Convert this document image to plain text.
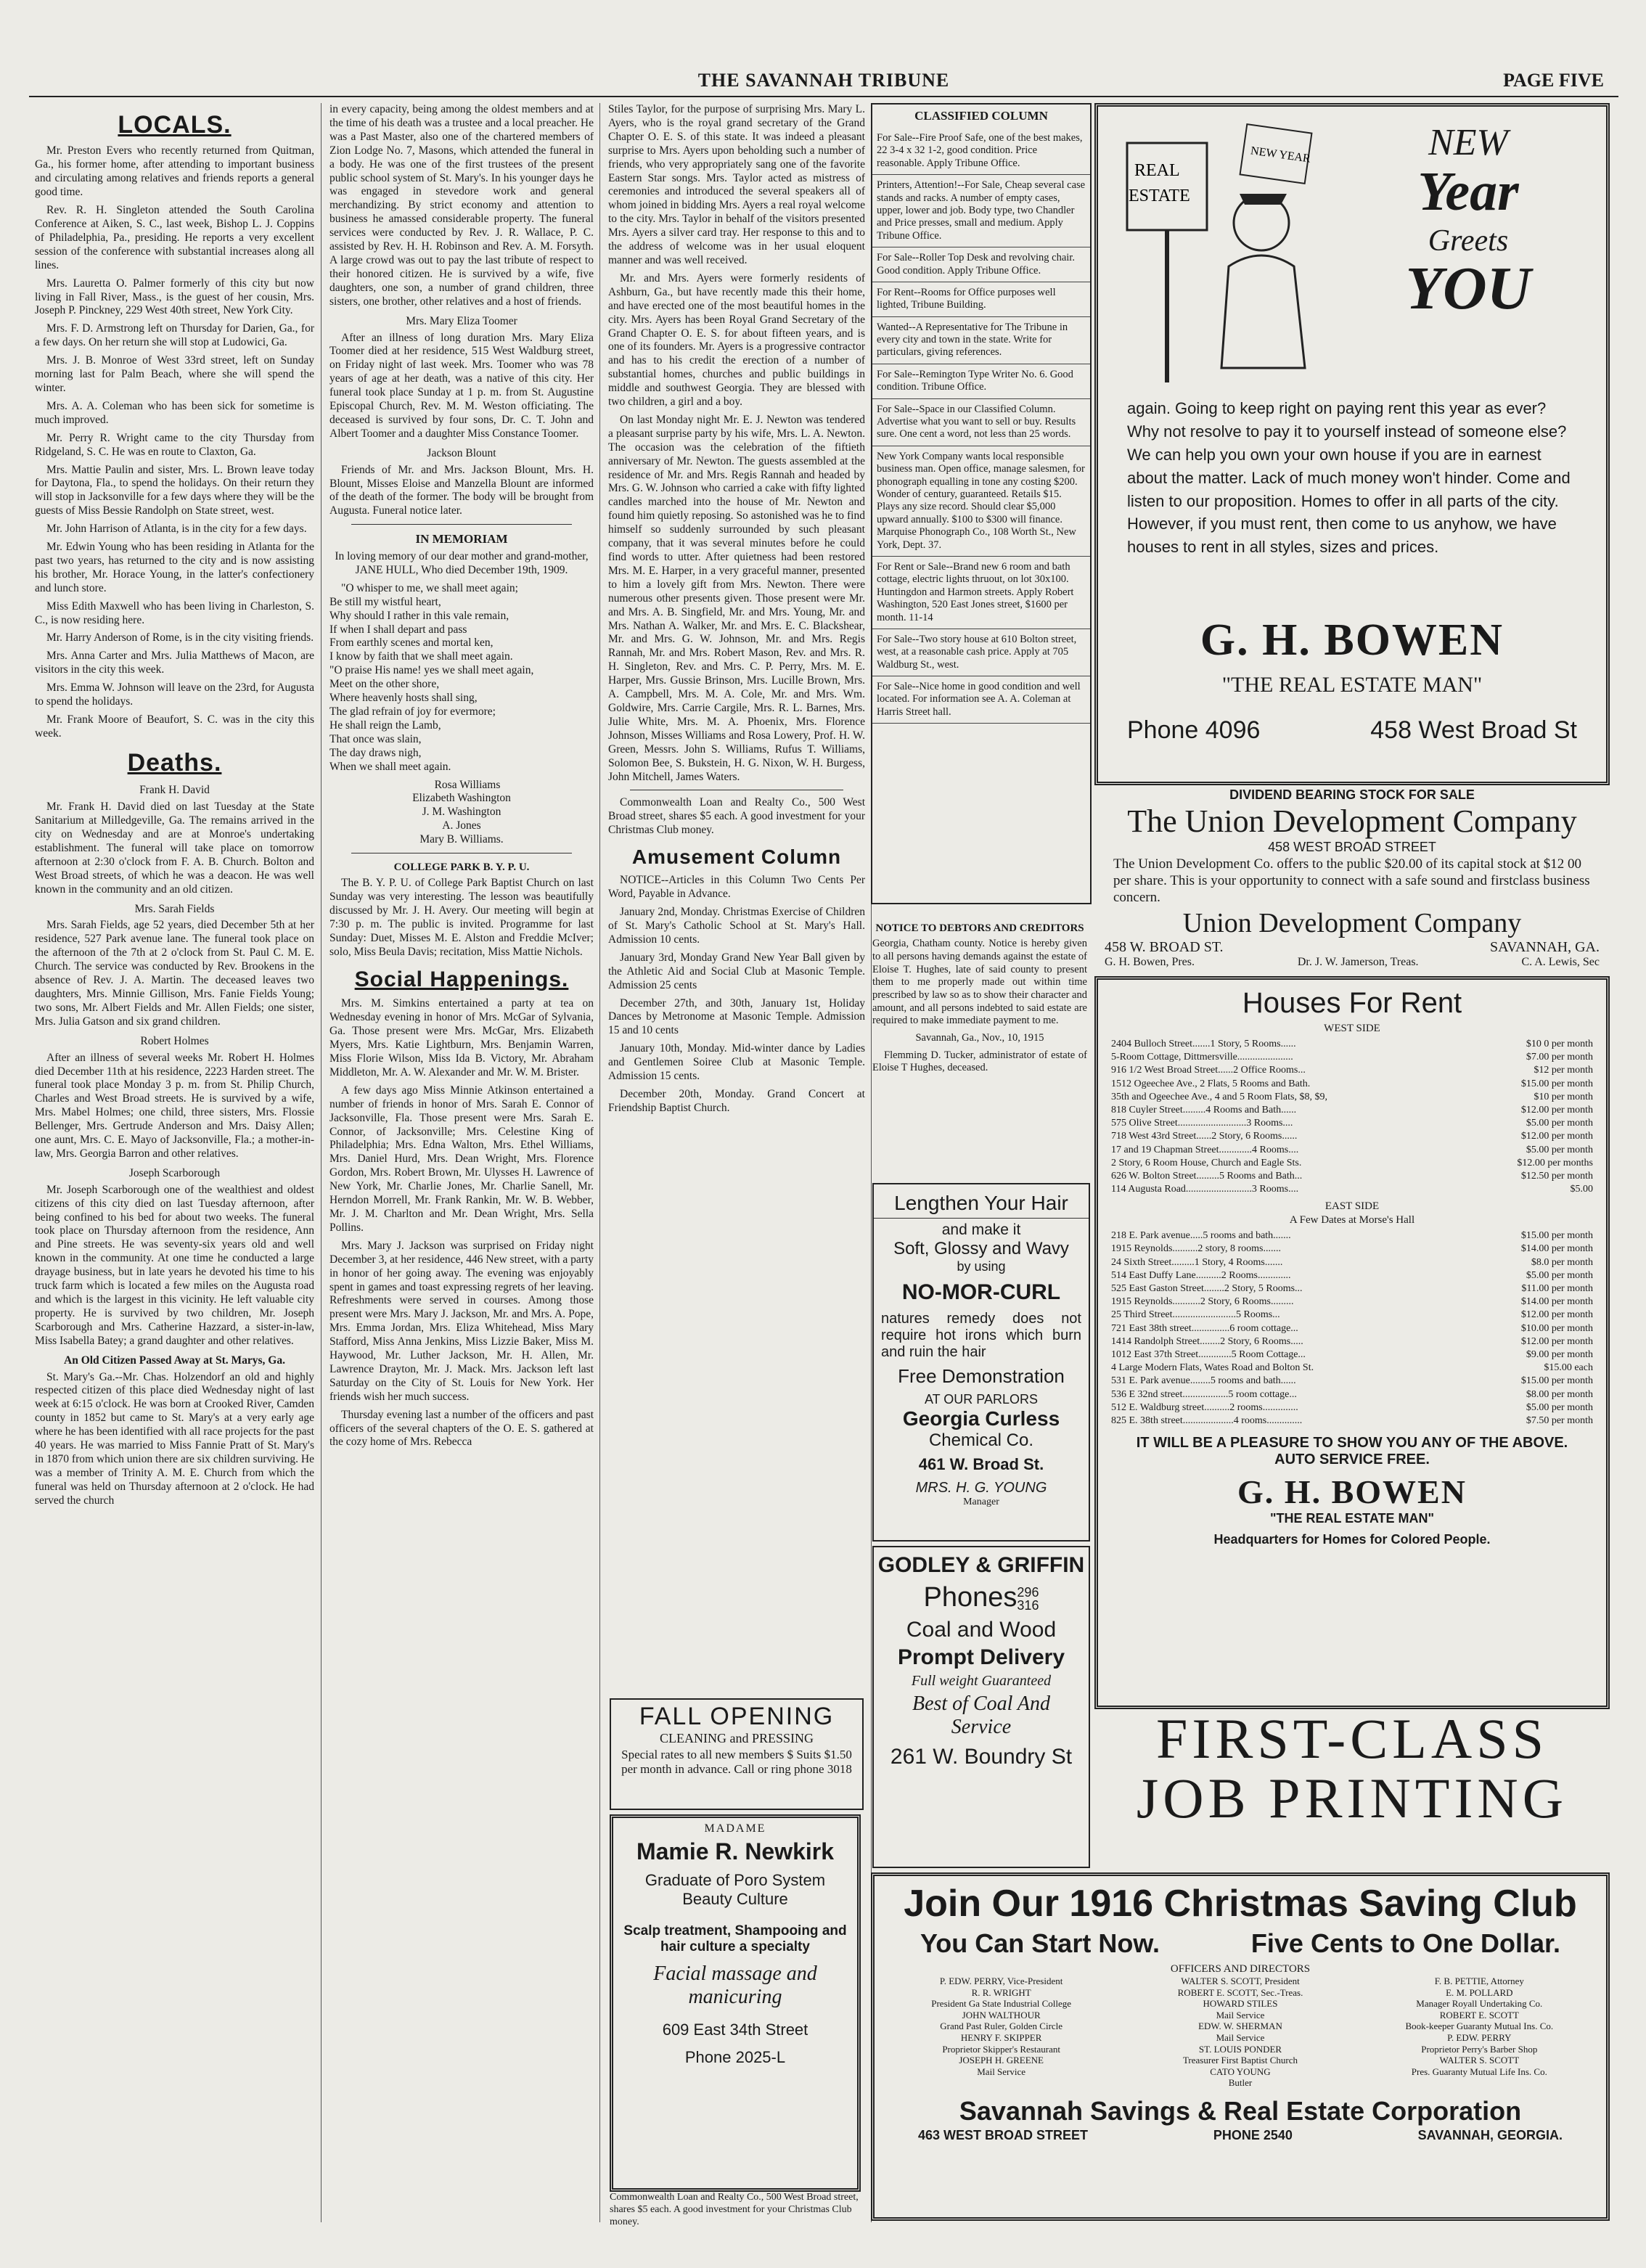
THE SAVANNAH TRIBUNE	PAGE FIVE
LOCALS.

Mr. Preston Evers who recently returned from Quitman, Ga., his former home, after attending to important business and circulating among relatives and friends reports a general good time.

Rev. R. H. Singleton attended the South Carolina Conference at Aiken, S. C., last week, Bishop L. J. Coppins of Philadelphia, Pa., presiding. He reports a very excellent session of the conference with substantial increases along all lines.

Mrs. Lauretta O. Palmer formerly of this city but now living in Fall River, Mass., is the guest of her cousin, Mrs. Joseph P. Pinckney, 229 West 40th street, New York City.

Mrs. F. D. Armstrong left on Thursday for Darien, Ga., for a few days. On her return she will stop at Ludowici, Ga.

Mrs. J. B. Monroe of West 33rd street, left on Sunday morning last for Palm Beach, where she will spend the winter.

Mrs. A. A. Coleman who has been sick for sometime is much improved.

Mr. Perry R. Wright came to the city Thursday from Ridgeland, S. C. He was en route to Claxton, Ga.

Mrs. Mattie Paulin and sister, Mrs. L. Brown leave today for Daytona, Fla., to spend the holidays. On their return they will stop in Jacksonville for a few days where they will be the guests of Miss Bessie Randolph on State street, west.

Mr. John Harrison of Atlanta, is in the city for a few days.

Mr. Edwin Young who has been residing in Atlanta for the past two years, has returned to the city and is now assisting his brother, Mr. Horace Young, in the latter's confectionery and lunch store.

Miss Edith Maxwell who has been living in Charleston, S. C., is now residing here.

Mr. Harry Anderson of Rome, is in the city visiting friends.

Mrs. Anna Carter and Mrs. Julia Matthews of Macon, are visitors in the city this week.

Mrs. Emma W. Johnson will leave on the 23rd, for Augusta to spend the holidays.

Mr. Frank Moore of Beaufort, S. C. was in the city this week.

Deaths.
Frank H. David

Mr. Frank H. David died on last Tuesday at the State Sanitarium at Milledgeville, Ga. The remains arrived in the city on Wednesday and are at Monroe's undertaking establishment. The funeral will take place on tomorrow afternoon at 2:30 o'clock from F. A. B. Church. Bolton and West Broad streets, of which he was a deacon. He was well known in the community and an old citizen.

Mrs. Sarah Fields

Mrs. Sarah Fields, age 52 years, died December 5th at her residence, 527 Park avenue lane. The funeral took place on the afternoon of the 7th at 2 o'clock from St. Paul C. M. E. Church. The service was conducted by Rev. Brookens in the absence of Rev. J. A. Martin. The deceased leaves two daughters, Mrs. Minnie Gillison, Mrs. Fanie Fields Young; two sons, Mr. Albert Fields and Mr. Allen Fields; one sister, Mrs. Julia Gatson and six grand children.

Robert Holmes

After an illness of several weeks Mr. Robert H. Holmes died December 11th at his residence, 2223 Harden street. The funeral took place Monday 3 p. m. from St. Philip Church, Charles and West Broad streets. He is survived by a wife, Mrs. Mabel Holmes; one child, three sisters, Mrs. Flossie Bellenger, Mrs. Gertrude Anderson and Mrs. Daisy Allen; one aunt, Mrs. C. E. Mayo of Jacksonville, Fla.; a mother-in-law, Mrs. Georgia Barron and other relatives.

Joseph Scarborough

Mr. Joseph Scarborough one of the wealthiest and oldest citizens of this city died on last Tuesday afternoon, after being confined to his bed for about two weeks. The funeral took place on Thursday afternoon from the residence, Ann and Pine streets. He was seventy-six years old and well known in the community. At one time he conducted a large drayage business, but in late years he devoted his time to his truck farm which is located a few miles on the Augusta road and which is the largest in this vicinity. He left valuable city property. He is survived by two children, Mr. Joseph Scarborough and Mrs. Catherine Hazzard, a sister-in-law, Miss Isabella Batey; a grand daughter and other relatives.

An Old Citizen Passed Away at St. Marys, Ga.

St. Mary's Ga.--Mr. Chas. Holzendorf an old and highly respected citizen of this place died Wednesday night of last week at 6:15 o'clock. He was born at Crooked River, Camden county in 1852 but came to St. Mary's at a very early age where he has been identified with all race projects for the past 40 years. He was married to Miss Fannie Pratt of St. Mary's in 1870 from which union there are six children surviving. He was a member of Trinity A. M. E. Church from which the funeral was held on Thursday afternoon at 2 o'clock. He had served the church

in every capacity, being among the oldest members and at the time of his death was a trustee and a local preacher. He was a Past Master, also one of the chartered members of Zion Lodge No. 7, Masons, which attended the funeral in a body. He was one of the first trustees of the present public school system of St. Mary's. In his younger days he was engaged in stevedore work and general merchandizing. By strict economy and attention to business he amassed considerable property. The funeral services were conducted by Rev. J. R. Wallace, P. C. assisted by Rev. H. H. Robinson and Rev. A. M. Forsyth. A large crowd was out to pay the last tribute of respect to their honored citizen. He is survived by a wife, five daughters, one son, a number of grand children, three sisters, one brother, other relatives and a host of friends.

Mrs. Mary Eliza Toomer

After an illness of long duration Mrs. Mary Eliza Toomer died at her residence, 515 West Waldburg street, on Friday night of last week. Mrs. Toomer who was 78 years of age at her death, was a native of this city. Her funeral took place Sunday at 1 p. m. from St. Augustine Episcopal Church, Rev. M. M. Weston officiating. The deceased is survived by four sons, Dr. C. T. John and Albert Toomer and a daughter Miss Constance Toomer.

Jackson Blount

Friends of Mr. and Mrs. Jackson Blount, Mrs. H. Blount, Misses Eloise and Manzella Blount are informed of the death of the former. The body will be brought from Augusta. Funeral notice later.

IN MEMORIAM

In loving memory of our dear mother and grand-mother, JANE HULL, Who died December 19th, 1909.

"O whisper to me, we shall meet again;
Be still my wistful heart,
Why should I rather in this vale remain,
If when I shall depart and pass
From earthly scenes and mortal ken,
I know by faith that we shall meet again.
"O praise His name! yes we shall meet again,
Meet on the other shore,
Where heavenly hosts shall sing,
The glad refrain of joy for evermore;
He shall reign the Lamb,
That once was slain,
The day draws nigh,
When we shall meet again.

Rosa Williams
Elizabeth Washington
J. M. Washington
A. Jones
Mary B. Williams.

COLLEGE PARK B. Y. P. U.

The B. Y. P. U. of College Park Baptist Church on last Sunday was very interesting. The lesson was beautifully discussed by Mr. J. H. Avery. Our meeting will begin at 7:30 p. m. The public is invited. Programme for last Sunday: Duet, Misses M. E. Alston and Freddie McIver; solo, Miss Beula Davis; recitation, Miss Mattie Nichols.

Social Happenings.

Mrs. M. Simkins entertained a party at tea on Wednesday evening in honor of Mrs. McGar of Sylvania, Ga. Those present were Mrs. McGar, Mrs. Elizabeth Myers, Mrs. Katie Lightburn, Mrs. Benjamin Warren, Miss Florie Wilson, Miss Ida B. Victory, Mr. Abraham Middleton, Mr. A. W. Alexander and Mr. W. M. Brister.

A few days ago Miss Minnie Atkinson entertained a number of friends in honor of Mrs. Sarah E. Connor of Jacksonville, Fla. Those present were Mrs. Sarah E. Connor, of Jacksonville; Mrs. Celestine King of Philadelphia; Mrs. Edna Walton, Mrs. Ethel Williams, Mrs. Daniel Hurd, Mrs. Dean Wright, Mrs. Florence Gordon, Mrs. Robert Brown, Mr. Ulysses H. Lawrence of New York, Mr. Charlie Jones, Mr. Charlie Sanell, Mr. Herndon Morrell, Mr. Frank Rankin, Mr. W. B. Webber, Mr. J. M. Charlton and Mr. Dean Wright, Mrs. Sella Pollins.

Mrs. Mary J. Jackson was surprised on Friday night December 3, at her residence, 446 New street, with a party in honor of her going away. The evening was enjoyably spent in games and toast expressing regrets of her leaving. Refreshments were served in courses. Among those present were Mrs. Mary J. Jackson, Mr. and Mrs. A. Pope, Mrs. Emma Jordan, Mrs. Eliza Whitehead, Miss Mary Stafford, Miss Anna Jenkins, Miss Lizzie Baker, Miss M. Haywood, Mr. Luther Jackson, Mr. H. Allen, Mr. Lawrence Drayton, Mr. J. Mack. Mrs. Jackson left last Saturday on the City of St. Louis for New York. Her friends wish her much success.

Thursday evening last a number of the officers and past officers of the several chapters of the O. E. S. gathered at the cozy home of Mrs. Rebecca

Stiles Taylor, for the purpose of surprising Mrs. Mary L. Ayers, who is the royal grand secretary of the Grand Chapter O. E. S. of this state. It was indeed a pleasant surprise to Mrs. Ayers upon beholding such a number of friends, who very appropriately sang one of the favorite Eastern Star songs. Mrs. Taylor acted as mistress of ceremonies and introduced the several speakers all of whom joined in bidding Mrs. Ayers a real royal welcome to the city. Mrs. Taylor in behalf of the visitors presented Mrs. Ayers a silver card tray. Her response to this and to the address of welcome was in her usual eloquent manner and was well received.

Mr. and Mrs. Ayers were formerly residents of Ashburn, Ga., but have recently made this their home, and have erected one of the most beautiful homes in the city. Mrs. Ayers has been Royal Grand Secretary of the Grand Chapter O. E. S. for about fifteen years, and is one of its founders. Mr. Ayers is a progressive contractor and has to his credit the erection of a number of substantial homes, churches and public buildings in middle and southwest Georgia. They are blessed with two children, a girl and a boy.

On last Monday night Mr. E. J. Newton was tendered a pleasant surprise party by his wife, Mrs. L. A. Newton. The occasion was the celebration of the fiftieth anniversary of Mr. Newton. The guests assembled at the residence of Mr. and Mrs. Regis Rannah and headed by Mrs. G. W. Johnson who carried a cake with fifty lighted candles marched into the house of Mr. Newton and found him quietly reposing. So astonished was he to find himself so suddenly surrounded by such pleasant company, that it was several minutes before he could find words to utter. After quietness had been restored Mrs. M. E. Harper, in a very graceful manner, presented to him a lovely gift from Mrs. Newton. There were numerous other presents given. Those present were Mr. and Mrs. A. B. Singfield, Mr. and Mrs. Young, Mr. and Mrs. Nathan A. Walker, Mr. and Mrs. E. C. Blackshear, Mr. and Mrs. G. W. Johnson, Mr. and Mrs. Regis Rannah, Mr. and Mrs. Robert Mason, Rev. and Mrs. R. H. Singleton, Rev. and Mrs. C. P. Perry, Mrs. M. E. Harper, Mrs. Gussie Brinson, Mrs. Lucille Brown, Mrs. A. Campbell, Mrs. M. A. Cole, Mr. and Mrs. Wm. Goldwire, Mrs. Carrie Cargile, Mrs. R. L. Barnes, Mrs. Julie White, Mrs. M. A. Phoenix, Mrs. Florence Johnson, Misses Williams and Rosa Lowery, Prof. H. W. Green, Messrs. John S. Williams, Rufus T. Williams, Solomon Bee, S. Bukstein, H. G. Nixon, W. H. Burgess, John Mitchell, James Waters.

Commonwealth Loan and Realty Co., 500 West Broad street, shares $5 each. A good investment for your Christmas Club money.

Amusement Column

NOTICE--Articles in this Column Two Cents Per Word, Payable in Advance.

January 2nd, Monday. Christmas Exercise of Children of St. Mary's Catholic School at St. Mary's Hall. Admission 10 cents.

January 3rd, Monday Grand New Year Ball given by the Athletic Aid and Social Club at Masonic Temple. Admission 25 cents

December 27th, and 30th, January 1st, Holiday Dances by Metronome at Masonic Temple. Admission 15 and 10 cents

January 10th, Monday. Mid-winter dance by Ladies and Gentlemen Soiree Club at Masonic Temple. Admission 15 cents.

December 20th, Monday. Grand Concert at Friendship Baptist Church.

FALL OPENING
CLEANING and PRESSING
Special rates to all new members $ Suits $1.50 per month in advance. Call or ring phone 3018
MADAME
Mamie R. Newkirk
Graduate of Poro System Beauty Culture
Scalp treatment, Shampooing and hair culture a specialty
Facial massage and manicuring
609 East 34th Street
Phone 2025-L
Commonwealth Loan and Realty Co., 500 West Broad street, shares $5 each. A good investment for your Christmas Club money.
CLASSIFIED COLUMN

For Sale--Fire Proof Safe, one of the best makes, 22 3-4 x 32 1-2, good condition. Price reasonable. Apply Tribune Office.

Printers, Attention!--For Sale, Cheap several case stands and racks. A number of empty cases, upper, lower and job. Body type, two Chandler and Price presses, small and medium. Apply Tribune Office.

For Sale--Roller Top Desk and revolving chair. Good condition. Apply Tribune Office.

For Rent--Rooms for Office purposes well lighted, Tribune Building.

Wanted--A Representative for The Tribune in every city and town in the state. Write for particulars, giving references.

For Sale--Remington Type Writer No. 6. Good condition. Tribune Office.

For Sale--Space in our Classified Column. Advertise what you want to sell or buy. Results sure. One cent a word, not less than 25 words.

New York Company wants local responsible business man. Open office, manage salesmen, for phonograph equalling in tone any costing $200. Wonder of century, guaranteed. Retails $15. Plays any size record. Should clear $5,000 upward annually. $100 to $300 will finance. Marquise Phonograph Co., 108 Worth St., New York, Dept. 37.

For Rent or Sale--Brand new 6 room and bath cottage, electric lights thruout, on lot 30x100. Huntingdon and Harmon streets. Apply Robert Washington, 520 East Jones street, $1600 per month. 11-14

For Sale--Two story house at 610 Bolton street, west, at a reasonable cash price. Apply at 705 Waldburg St., west.

For Sale--Nice home in good condition and well located. For information see A. A. Coleman at Harris Street hall.

NOTICE TO DEBTORS AND CREDITORS

Georgia, Chatham county. Notice is hereby given to all persons having demands against the estate of Eloise T. Hughes, late of said county to present them to me properly made out within time prescribed by law so as to show their character and amount, and all persons indebted to said estate are required to make immediate payment to me.

Savannah, Ga., Nov., 10, 1915

Flemming D. Tucker, administrator of estate of Eloise T Hughes, deceased.

Lengthen Your Hair
and make it
Soft, Glossy and Wavy
by using
NO-MOR-CURL
natures remedy does not require hot irons which burn and ruin the hair
Free Demonstration
AT OUR PARLORS
Georgia Curless
Chemical Co.
461 W. Broad St.
MRS. H. G. YOUNG
Manager
GODLEY & GRIFFIN
Phones 296
316
Coal and Wood
Prompt Delivery
Full weight Guaranteed
Best of Coal And
Service
261 W. Boundry St
REAL
ESTATE
NEW YEAR	NEW
Year
Greets
YOU
again. Going to keep right on paying rent this year as ever? Why not resolve to pay it to yourself instead of someone else? We can help you own your own house if you are in earnest about the matter. Lack of much money won't hinder. Come and listen to our proposition. Homes to offer in all parts of the city. However, if you must rent, then come to us anyhow, we have houses to rent in all styles, sizes and prices.
G. H. BOWEN
"THE REAL ESTATE MAN"
Phone 4096	458 West Broad St
DIVIDEND BEARING STOCK FOR SALE
The Union Development Company
458 WEST BROAD STREET
The Union Development Co. offers to the public $20.00 of its capital stock at $12 00 per share. This is your opportunity to connect with a safe sound and firstclass business concern.
Union Development Company
458 W. BROAD ST.	SAVANNAH, GA.
G. H. Bowen, Pres.	Dr. J. W. Jamerson, Treas.	C. A. Lewis, Sec
Houses For Rent
WEST SIDE
2404 Bulloch Street.......1 Story, 5 Rooms......	$10 0 per month
5-Room Cottage, Dittmersville......................	$7.00 per month
916 1/2 West Broad Street......2 Office Rooms...	$12 per month
1512 Ogeechee Ave., 2 Flats, 5 Rooms and Bath.	$15.00 per month
35th and Ogeechee Ave., 4 and 5 Room Flats, $8, $9,	$10 per month
818 Cuyler Street.........4 Rooms and Bath......	$12.00 per month
575 Olive Street...........................3 Rooms....	$5.00 per month
718 West 43rd Street......2 Story, 6 Rooms......	$12.00 per month
17 and 19 Chapman Street.............4 Rooms....	$5.00 per month
2 Story, 6 Room House, Church and Eagle Sts.	$12.00 per months
626 W. Bolton Street.........5 Rooms and Bath...	$12.50 per month
114 Augusta Road..........................3 Rooms....	$5.00
EAST SIDE
A Few Dates at Morse's Hall
218 E. Park avenue.....5 rooms and bath.......	$15.00 per month
1915 Reynolds..........2 story, 8 rooms.......	$14.00 per month
24 Sixth Street.........1 Story, 4 Rooms.......	$8.0 per month
514 East Duffy Lane..........2 Rooms.............	$5.00 per month
525 East Gaston Street........2 Story, 5 Rooms...	$11.00 per month
1915 Reynolds...........2 Story, 6 Rooms.........	$14.00 per month
25 Third Street.........................5 Rooms...	$12.00 per month
721 East 38th street...............6 room cottage...	$10.00 per month
1414 Randolph Street........2 Story, 6 Rooms.....	$12.00 per month
1012 East 37th Street.............5 Room Cottage...	$9.00 per month
4 Large Modern Flats, Wates Road and Bolton St.	$15.00 each
531 E. Park avenue........5 rooms and bath......	$15.00 per month
536 E 32nd street..................5 room cottage...	$8.00 per month
512 E. Waldburg street..........2 rooms..............	$5.00 per month
825 E. 38th street....................4 rooms..............	$7.50 per month
IT WILL BE A PLEASURE TO SHOW YOU ANY OF THE ABOVE. AUTO SERVICE FREE.
G. H. BOWEN
"THE REAL ESTATE MAN"
Headquarters for Homes for Colored People.
FIRST-CLASS
JOB PRINTING
Join Our 1916 Christmas Saving Club
You Can Start Now.	Five Cents to One Dollar.
OFFICERS AND DIRECTORS
P. EDW. PERRY, Vice-President
R. R. WRIGHT
President Ga State Industrial College
JOHN WALTHOUR
Grand Past Ruler, Golden Circle
HENRY F. SKIPPER
Proprietor Skipper's Restaurant
JOSEPH H. GREENE
Mail Service
WALTER S. SCOTT, President
ROBERT E. SCOTT, Sec.-Treas.
HOWARD STILES
Mail Service
EDW. W. SHERMAN
Mail Service
ST. LOUIS PONDER
Treasurer First Baptist Church
CATO YOUNG
Butler
F. B. PETTIE, Attorney
E. M. POLLARD
Manager Royall Undertaking Co.
ROBERT E. SCOTT
Book-keeper Guaranty Mutual Ins. Co.
P. EDW. PERRY
Proprietor Perry's Barber Shop
WALTER S. SCOTT
Pres. Guaranty Mutual Life Ins. Co.
Savannah Savings & Real Estate Corporation
463 WEST BROAD STREET	PHONE 2540	SAVANNAH, GEORGIA.
